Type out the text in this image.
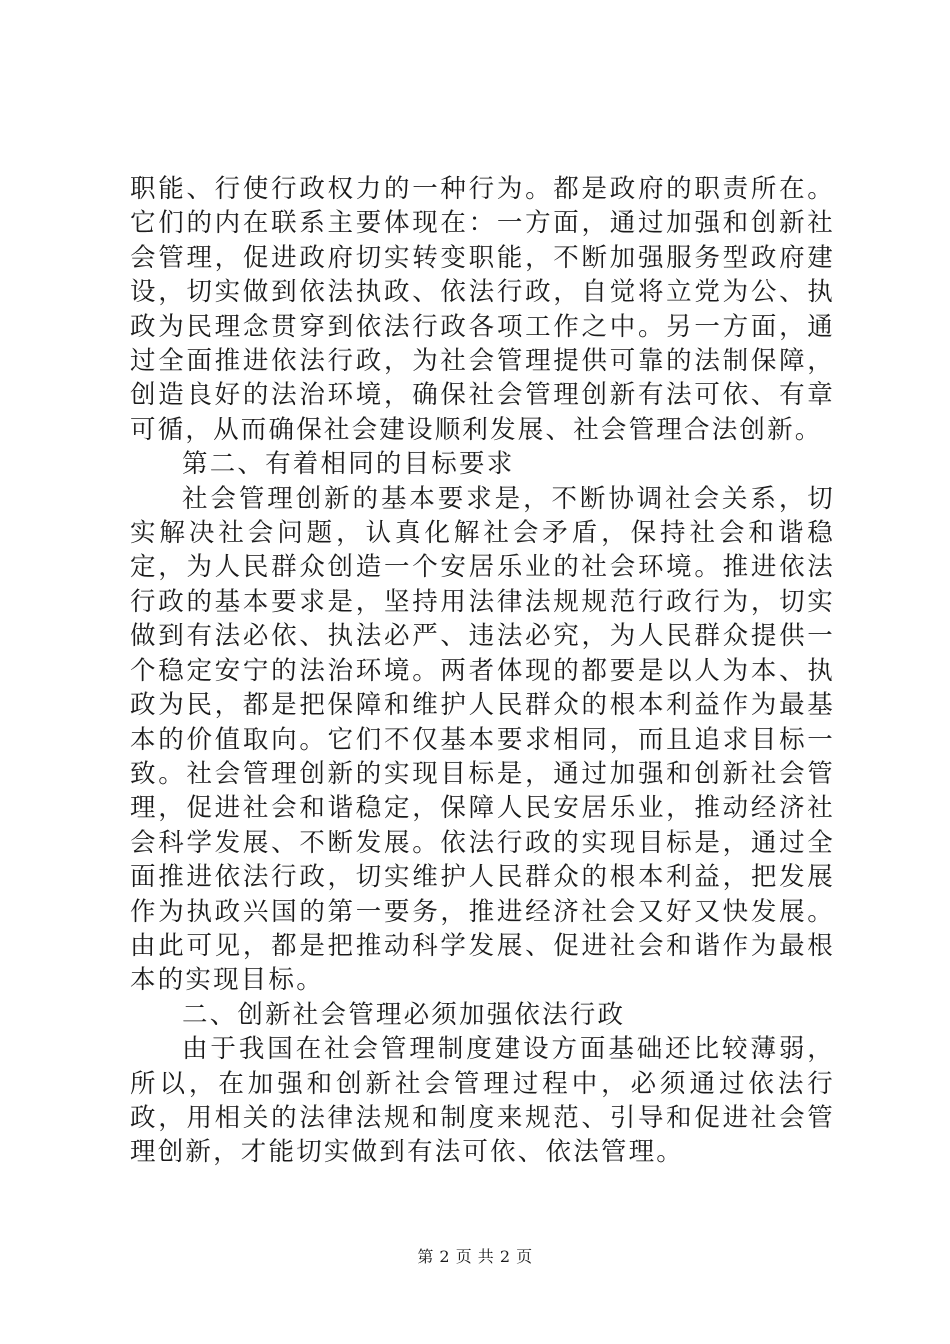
职能、行使行政权力的一种行为。都是政府的职责所在。它们的内在联系主要体现在：一方面，通过加强和创新社会管理，促进政府切实转变职能，不断加强服务型政府建设，切实做到依法执政、依法行政，自觉将立党为公、执政为民理念贯穿到依法行政各项工作之中。另一方面，通过全面推进依法行政，为社会管理提供可靠的法制保障，创造良好的法治环境，确保社会管理创新有法可依、有章可循，从而确保社会建设顺利发展、社会管理合法创新。

第二、有着相同的目标要求

社会管理创新的基本要求是，不断协调社会关系，切实解决社会问题，认真化解社会矛盾，保持社会和谐稳定，为人民群众创造一个安居乐业的社会环境。推进依法行政的基本要求是，坚持用法律法规规范行政行为，切实做到有法必依、执法必严、违法必究，为人民群众提供一个稳定安宁的法治环境。两者体现的都要是以人为本、执政为民，都是把保障和维护人民群众的根本利益作为最基本的价值取向。它们不仅基本要求相同，而且追求目标一致。社会管理创新的实现目标是，通过加强和创新社会管理，促进社会和谐稳定，保障人民安居乐业，推动经济社会科学发展、不断发展。依法行政的实现目标是，通过全面推进依法行政，切实维护人民群众的根本利益，把发展作为执政兴国的第一要务，推进经济社会又好又快发展。由此可见，都是把推动科学发展、促进社会和谐作为最根本的实现目标。

二、创新社会管理必须加强依法行政

由于我国在社会管理制度建设方面基础还比较薄弱，所以，在加强和创新社会管理过程中，必须通过依法行政，用相关的法律法规和制度来规范、引导和促进社会管理创新，才能切实做到有法可依、依法管理。

第 2 页 共 2 页
